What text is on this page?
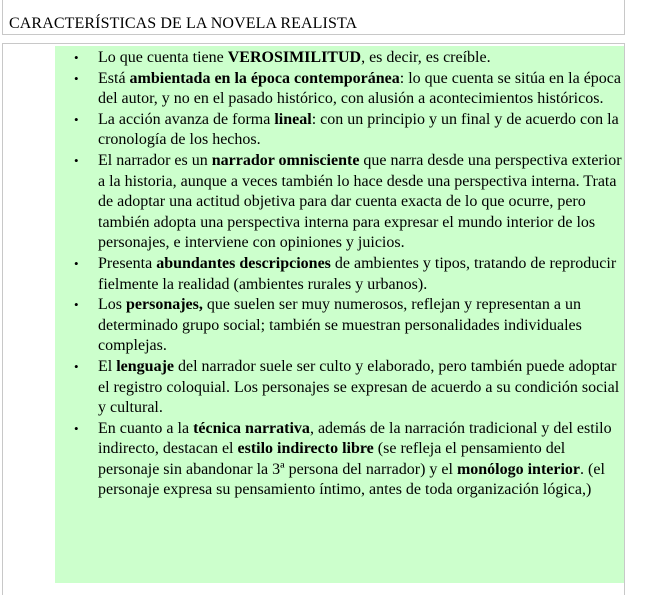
CARACTERÍSTICAS DE LA NOVELA REALISTA
• Lo que cuenta tiene VEROSIMILITUD, es decir, es creíble.
• Está ambientada en la época contemporánea: lo que cuenta se sitúa en la época del autor, y no en el pasado histórico, con alusión a acontecimientos históricos.
• La acción avanza de forma lineal: con un principio y un final y de acuerdo con la cronología de los hechos.
• El narrador es un narrador omnisciente que narra desde una perspectiva exterior a la historia, aunque a veces también lo hace desde una perspectiva interna. Trata de adoptar una actitud objetiva para dar cuenta exacta de lo que ocurre, pero también adopta una perspectiva interna para expresar el mundo interior de los personajes, e interviene con opiniones y juicios.
• Presenta abundantes descripciones de ambientes y tipos, tratando de reproducir fielmente la realidad (ambientes rurales y urbanos).
• Los personajes, que suelen ser muy numerosos, reflejan y representan a un determinado grupo social; también se muestran personalidades individuales complejas.
• El lenguaje del narrador suele ser culto y elaborado, pero también puede adoptar el registro coloquial. Los personajes se expresan de acuerdo a su condición social y cultural.
• En cuanto a la técnica narrativa, además de la narración tradicional y del estilo indirecto, destacan el estilo indirecto libre (se refleja el pensamiento del personaje sin abandonar la 3ª persona del narrador) y el monólogo interior. (el personaje expresa su pensamiento íntimo, antes de toda organización lógica,)
